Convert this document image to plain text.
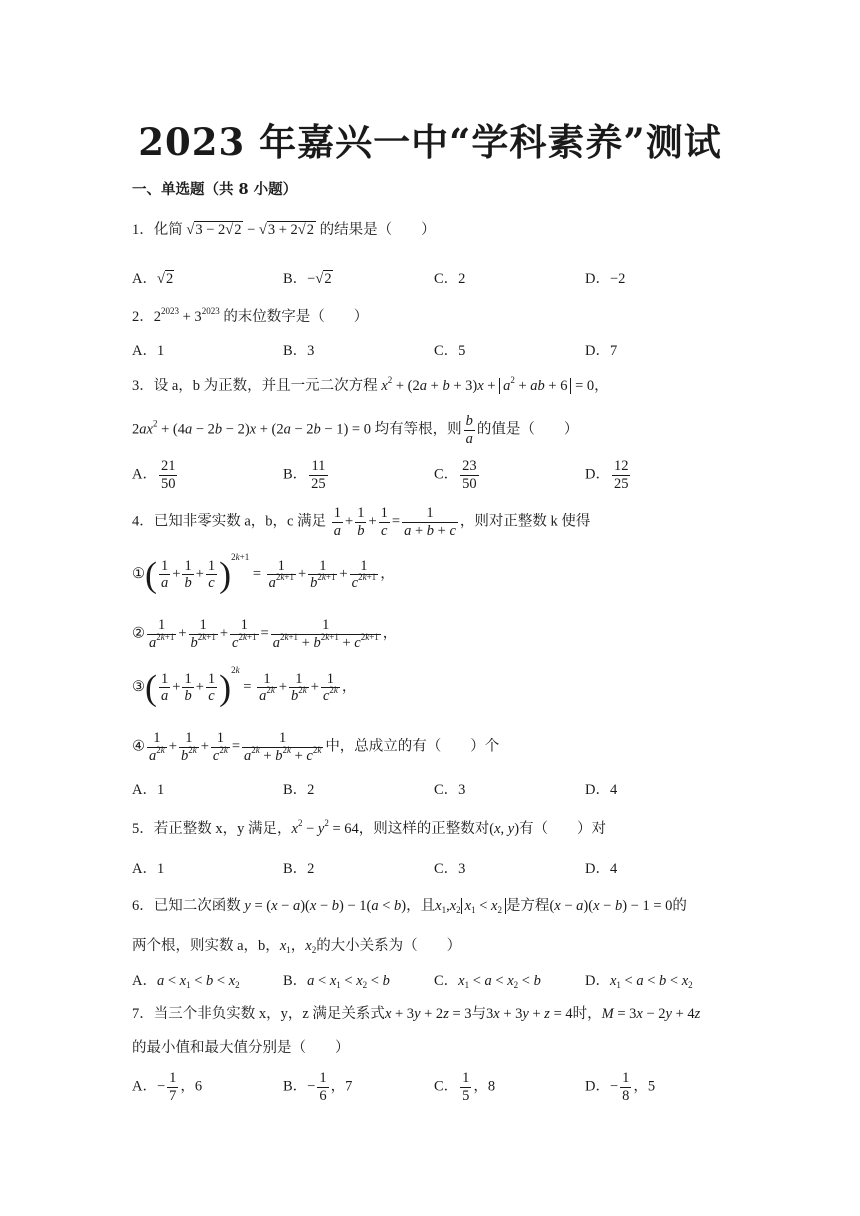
2023 年嘉兴一中“学科素养”测试
一、单选题（共 8 小题）
1．化简 √3 − 2√2 − √3 + 2√2 的结果是（　　）
A．√2	B．−√2	C．2	D．−2
2．$2^{2023} + 3^{2023}$ 的末位数字是（　　）
A．1	B．3	C．5	D．7
3．设 a，b 为正数，并且一元二次方程 $x^2 + (2a + b + 3)x + a^2$ + ab + 6 = 0，
$2ax^2 + (4a - 2b - 2)x + (2a - 2b - 1) = 0$ 均有等根，则 $\frac{b}{a}$ 的值是（　　）
A． $\frac{21}{50}$	B． $\frac{11}{25}$	C． $\frac{23}{50}$	D． $\frac{12}{25}$
4．已知非零实数 a，b，c 满足 $\frac{1}{a} + \frac{1}{b} + \frac{1}{c} = \frac{1}{a + b + c}$ ，则对正整数 k 使得
①( $\frac{1}{a} + \frac{1}{b} + \frac{1}{c} )^{2k+1} = \frac{1}{a^{2k+1}} + \frac{1}{b^{2k+1}} + \frac{1}{c^{2k+1}}$ ，
② $\frac{1}{a^{2k+1}} + \frac{1}{b^{2k+1}} + \frac{1}{c^{2k+1}} = \frac{1}{a^{2k+1} + b^{2k+1} + c^{2k+1}}$ ，
③( $\frac{1}{a} + \frac{1}{b} + \frac{1}{c} )^{2k} = \frac{1}{a^{2k}} + \frac{1}{b^{2k}} + \frac{1}{c^{2k}}$ ，
④ $\frac{1}{a^{2k}} + \frac{1}{b^{2k}} + \frac{1}{c^{2k}} = \frac{1}{a^{2k} + b^{2k} + c^{2k}}$ 中，总成立的有（　　）个
A．1	B．2	C．3	D．4
5．若正整数 x，y 满足，$x^2 - y^2 = 64$，则这样的正整数对(x, y)有（　　）对
A．1	B．2	C．3	D．4
6．已知二次函数 y = (x − a)(x − b) − 1(a < b)，且$x_1,x_2$ $x_1 < x_2$ 是方程(x − a)(x − b) − 1 = 0的
两个根，则实数 a，b，$x_1$，$x_2$的大小关系为（　　）
A．$a < x_1 < b < x_2$	B．$a < x_1 < x_2 < b$	C．$x_1 < a < x_2 < b$	D．$x_1 < a < b < x_2$
7．当三个非负实数 x，y，z 满足关系式x + 3y + 2z = 3与3x + 3y + z = 4时，M = 3x − 2y + 4z
的最小值和最大值分别是（　　）
A．− $\frac{1}{7}$ ，6	B．− $\frac{1}{6}$ ，7	C． $\frac{1}{5}$ ，8	D．− $\frac{1}{8}$ ，5
